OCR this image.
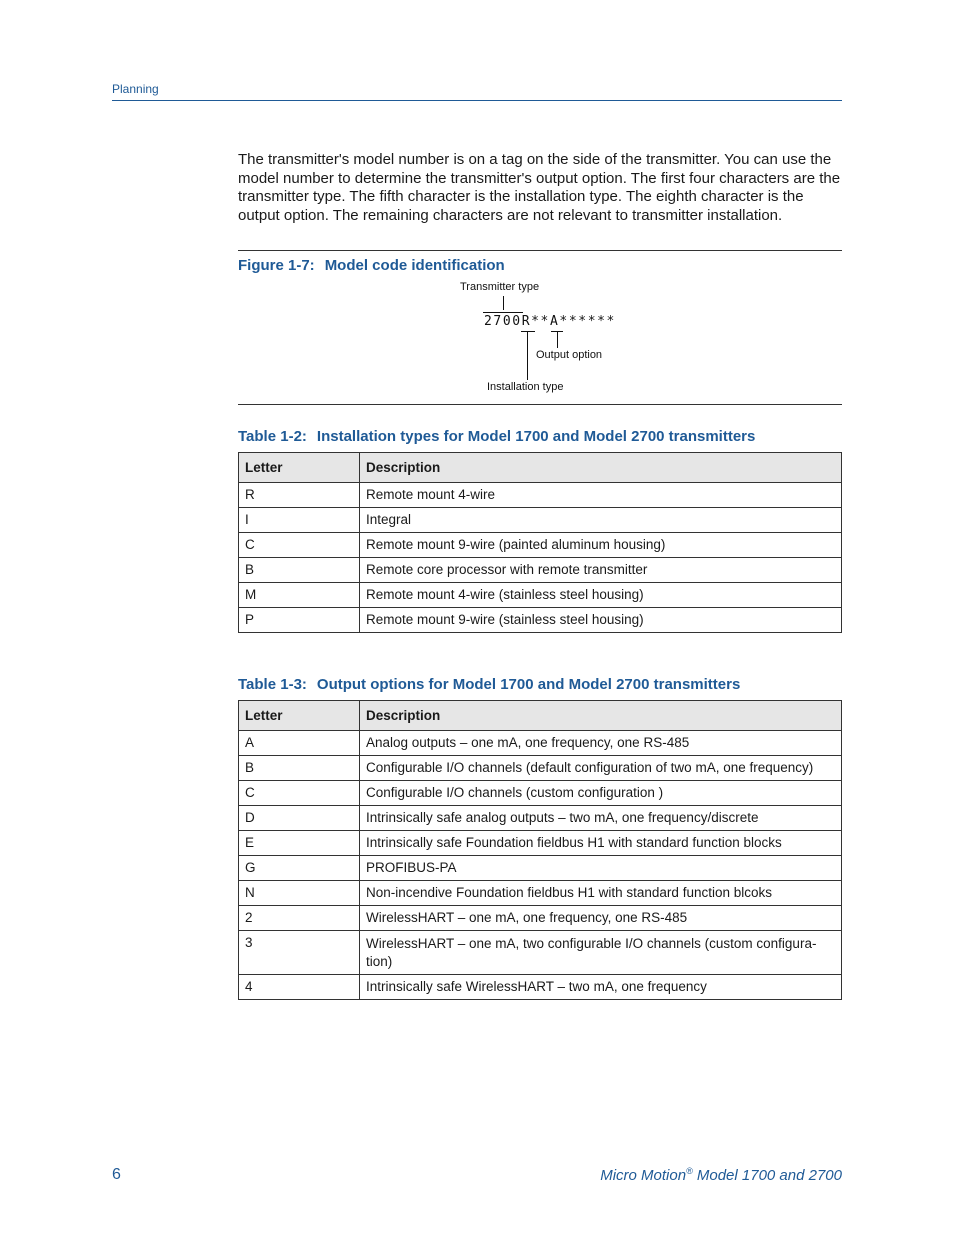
Planning

The transmitter's model number is on a tag on the side of the transmitter. You can use the model number to determine the transmitter's output option. The first four characters are the transmitter type. The fifth character is the installation type. The eighth character is the output option. The remaining characters are not relevant to transmitter installation.

Figure 1-7: Model code identification
Transmitter type
2700R**A******
Output option
Installation type
Table 1-2: Installation types for Model 1700 and Model 2700 transmitters
Letter	Description
R	Remote mount 4-wire
I	Integral
C	Remote mount 9-wire (painted aluminum housing)
B	Remote core processor with remote transmitter
M	Remote mount 4-wire (stainless steel housing)
P	Remote mount 9-wire (stainless steel housing)
Table 1-3: Output options for Model 1700 and Model 2700 transmitters
Letter	Description
A	Analog outputs – one mA, one frequency, one RS-485
B	Configurable I/O channels (default configuration of two mA, one frequency)
C	Configurable I/O channels (custom configuration )
D	Intrinsically safe analog outputs – two mA, one frequency/discrete
E	Intrinsically safe Foundation fieldbus H1 with standard function blocks
G	PROFIBUS-PA
N	Non-incendive Foundation fieldbus H1 with standard function blcoks
2	WirelessHART – one mA, one frequency, one RS-485
3	WirelessHART – one mA, two configurable I/O channels (custom configura-tion)
4	Intrinsically safe WirelessHART – two mA, one frequency
6	Micro Motion® Model 1700 and 2700
